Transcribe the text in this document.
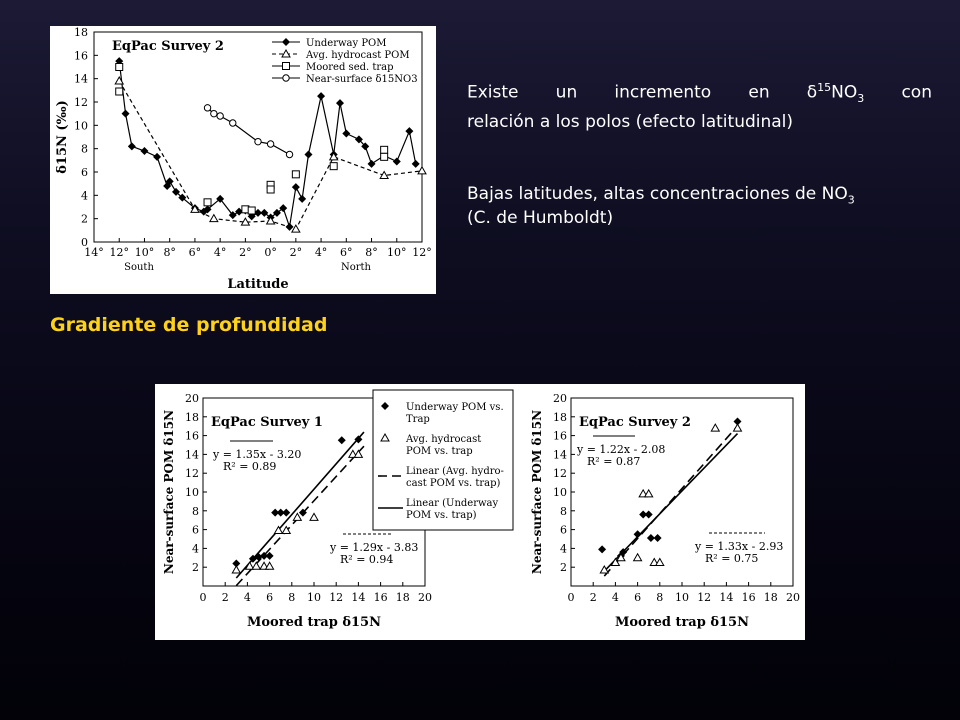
0
2
4
6
8
10
12
14
16
18
14° 12° 10° 8° 6° 4° 2° 0° 2° 4° 6° 8° 10° 12°
South	North
Latitude
δ15N (‰)
EqPac Survey 2	Underway POM
Avg. hydrocast POM
Moored sed. trap
Near-surface δ15NO3
Existe un incremento en $\delta^{15}NO_3$ con
relación a los polos (efecto latitudinal)
Bajas latitudes, altas concentraciones de $NO_3$
(C. de Humboldt)
Gradiente de profundidad
0 2
2
4
4
6
6
8
8
10
10
12
12
14
14
16
16
18
18
20
20
Moored trap δ15N
Near-surface POM δ15N	EqPac Survey 1
y = 1.35x - 3.20
R² = 0.89
y = 1.29x - 3.83
R² = 0.94
Underway POM vs.
Trap
Avg. hydrocast
POM vs. trap
Linear (Avg. hydro-
cast POM vs. trap)
Linear (Underway
POM vs. trap)
0 2
2
4
4
6
6
8
8
10
10
12
12
14
14
16
16
18
18
20
20
Moored trap δ15N
Near-surface POM δ15N	EqPac Survey 2
y = 1.22x - 2.08
R² = 0.87
y = 1.33x - 2.93
R² = 0.75
